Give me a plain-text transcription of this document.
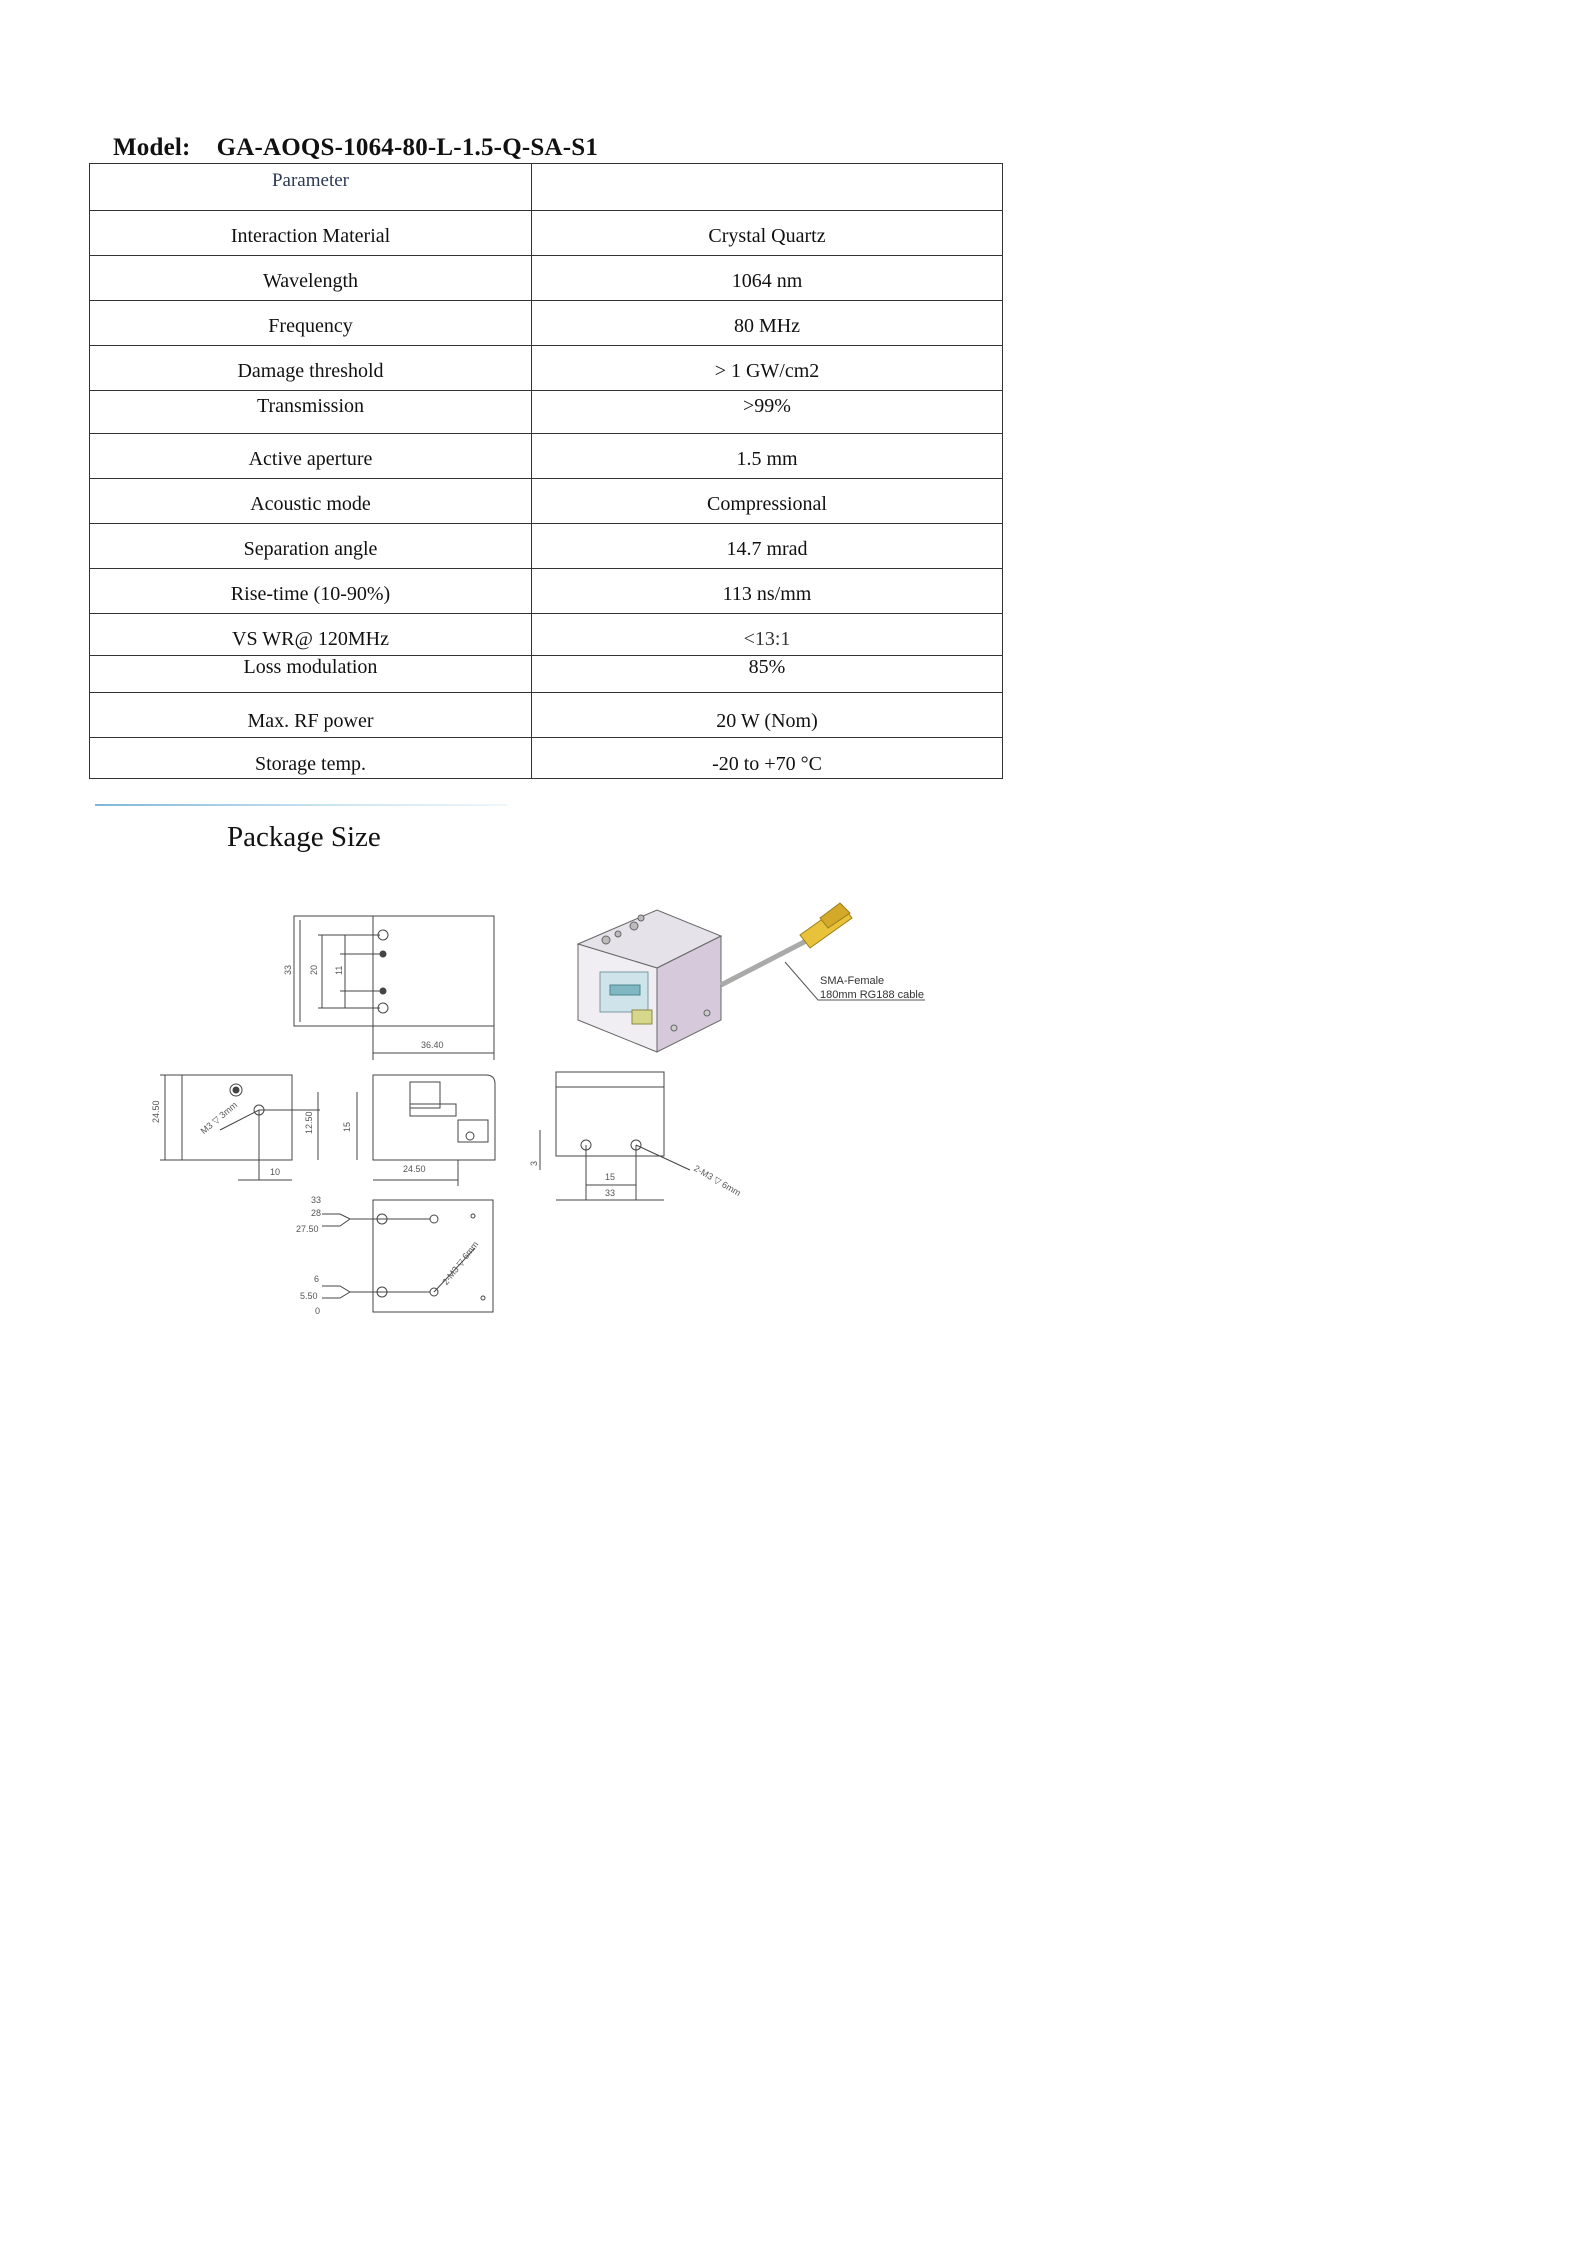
Model: GA-AOQS-1064-80-L-1.5-Q-SA-S1
Parameter	
Interaction Material	Crystal Quartz
Wavelength	1064 nm
Frequency	80 MHz
Damage threshold	> 1 GW/cm2
Transmission	>99%
Active aperture	1.5 mm
Acoustic mode	Compressional
Separation angle	14.7 mrad
Rise-time (10-90%)	113 ns/mm
VS WR@ 120MHz	<13:1
Loss modulation	85%
Max. RF power	20 W (Nom)
Storage temp.	-20 to +70 °C
Package Size
33 20 11
36.40
SMA-Female
180mm RG188 cable
24.50	M3 ▽ 3mm
10
12.50	15
24.50
3
15
33	2-M3 ▽ 6mm
33
28
27.50
6
5.50
0
2-M3 ▽ 6mm
